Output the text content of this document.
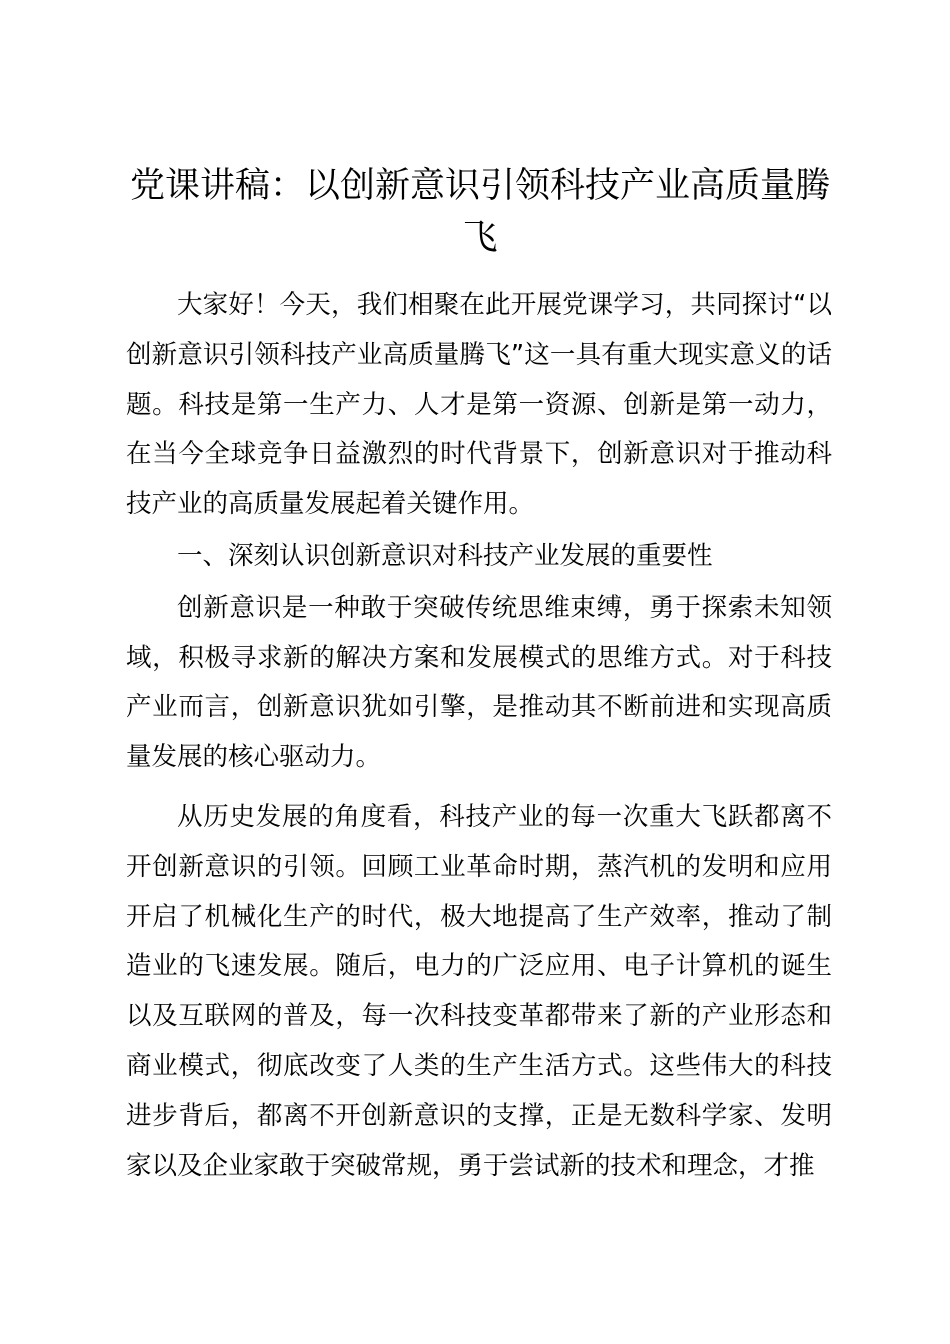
党课讲稿：以创新意识引领科技产业高质量腾飞

大家好！今天，我们相聚在此开展党课学习，共同探讨“以创新意识引领科技产业高质量腾飞”这一具有重大现实意义的话题。科技是第一生产力、人才是第一资源、创新是第一动力，在当今全球竞争日益激烈的时代背景下，创新意识对于推动科技产业的高质量发展起着关键作用。

一、深刻认识创新意识对科技产业发展的重要性

创新意识是一种敢于突破传统思维束缚，勇于探索未知领域，积极寻求新的解决方案和发展模式的思维方式。对于科技产业而言，创新意识犹如引擎，是推动其不断前进和实现高质量发展的核心驱动力。

从历史发展的角度看，科技产业的每一次重大飞跃都离不开创新意识的引领。回顾工业革命时期，蒸汽机的发明和应用开启了机械化生产的时代，极大地提高了生产效率，推动了制造业的飞速发展。随后，电力的广泛应用、电子计算机的诞生以及互联网的普及，每一次科技变革都带来了新的产业形态和商业模式，彻底改变了人类的生产生活方式。这些伟大的科技进步背后，都离不开创新意识的支撑，正是无数科学家、发明家以及企业家敢于突破常规，勇于尝试新的技术和理念，才推
